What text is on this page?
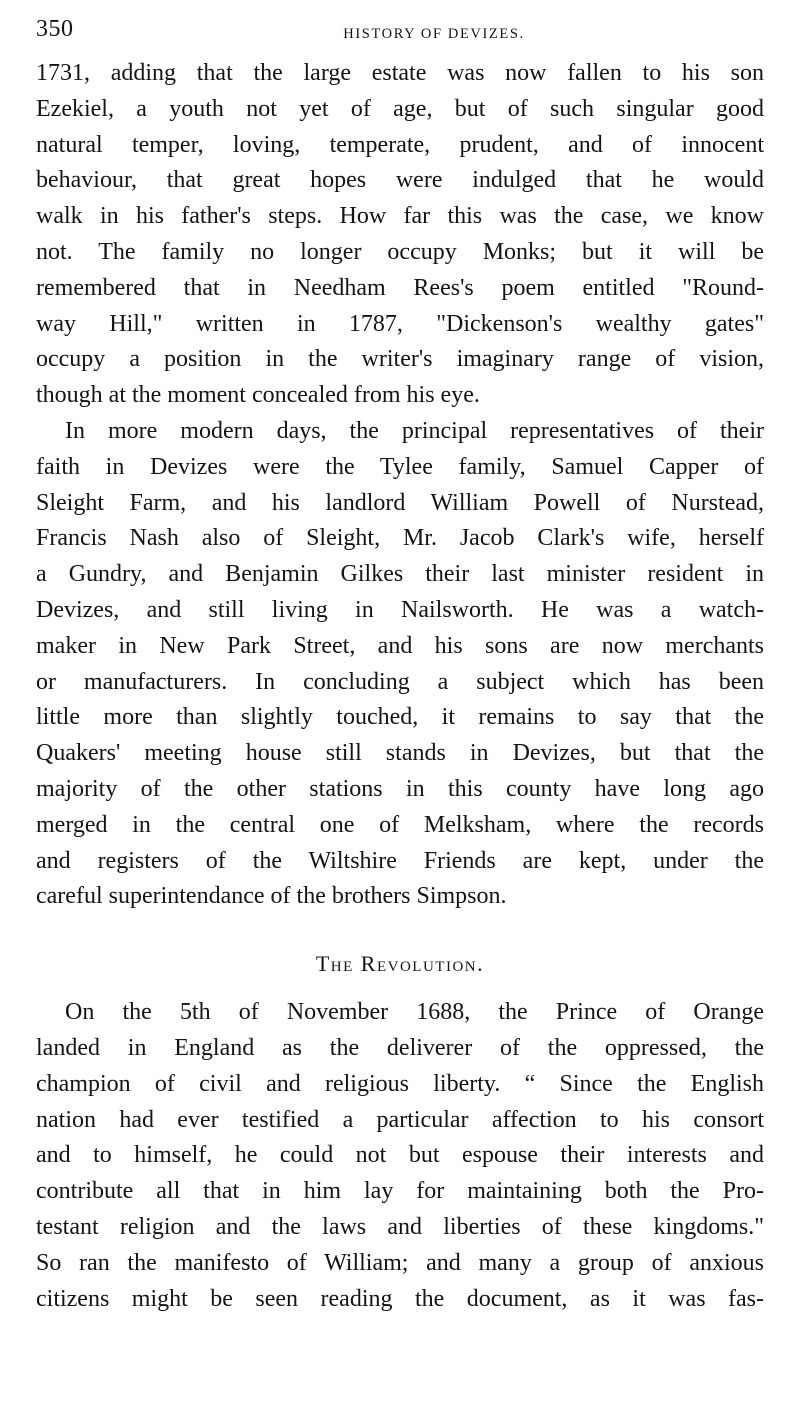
350	HISTORY OF DEVIZES.
1731, adding that the large estate was now fallen to his son
Ezekiel, a youth not yet of age, but of such singular good
natural temper, loving, temperate, prudent, and of innocent
behaviour, that great hopes were indulged that he would
walk in his father's steps. How far this was the case, we know
not. The family no longer occupy Monks; but it will be
remembered that in Needham Rees's poem entitled "Round-
way Hill," written in 1787, "Dickenson's wealthy gates"
occupy a position in the writer's imaginary range of vision,
though at the moment concealed from his eye.
In more modern days, the principal representatives of their
faith in Devizes were the Tylee family, Samuel Capper of
Sleight Farm, and his landlord William Powell of Nurstead,
Francis Nash also of Sleight, Mr. Jacob Clark's wife, herself
a Gundry, and Benjamin Gilkes their last minister resident in
Devizes, and still living in Nailsworth. He was a watch-
maker in New Park Street, and his sons are now merchants
or manufacturers. In concluding a subject which has been
little more than slightly touched, it remains to say that the
Quakers' meeting house still stands in Devizes, but that the
majority of the other stations in this county have long ago
merged in the central one of Melksham, where the records
and registers of the Wiltshire Friends are kept, under the
careful superintendance of the brothers Simpson.
The Revolution.
On the 5th of November 1688, the Prince of Orange
landed in England as the deliverer of the oppressed, the
champion of civil and religious liberty. “ Since the English
nation had ever testified a particular affection to his consort
and to himself, he could not but espouse their interests and
contribute all that in him lay for maintaining both the Pro-
testant religion and the laws and liberties of these kingdoms."
So ran the manifesto of William; and many a group of anxious
citizens might be seen reading the document, as it was fas-
